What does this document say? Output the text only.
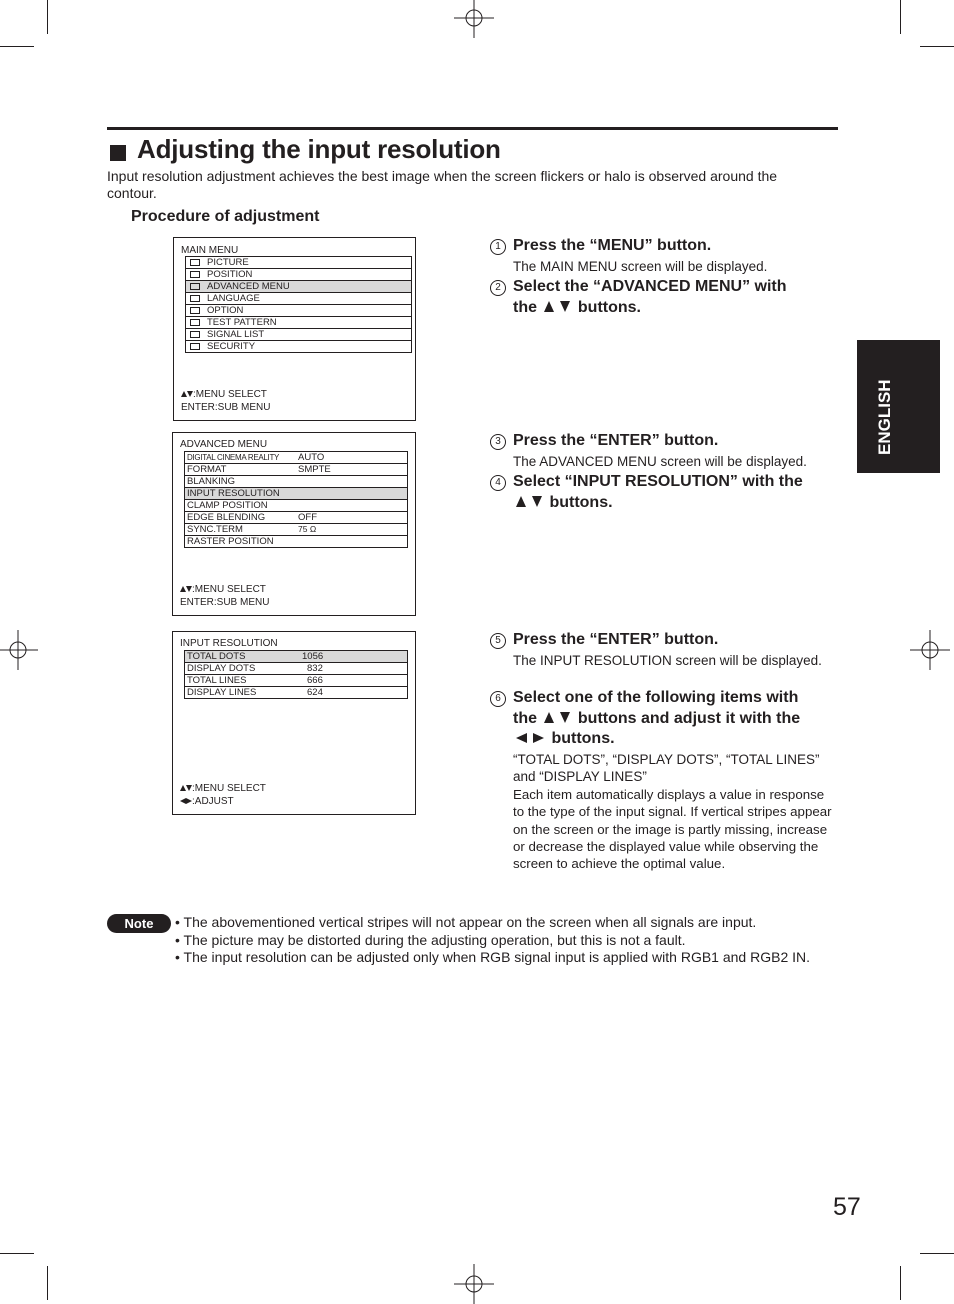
Adjusting the input resolution
Input resolution adjustment achieves the best image when the screen flickers or halo is observed around the contour.
Procedure of adjustment
MAIN MENU
PICTURE
POSITION
ADVANCED MENU
LANGUAGE
OPTION
TEST PATTERN
SIGNAL LIST
SECURITY
:MENU SELECT
ENTER:SUB MENU
ADVANCED MENU
DIGITAL CINEMA REALITY AUTO
FORMAT	SMPTE
BLANKING
INPUT RESOLUTION
CLAMP POSITION
EDGE BLENDING	OFF
SYNC.TERM	75 Ω
RASTER POSITION
:MENU SELECT
ENTER:SUB MENU
INPUT RESOLUTION
TOTAL DOTS	1056
DISPLAY DOTS	832
TOTAL LINES	666
DISPLAY LINES	624
:MENU SELECT
:ADJUST
1 Press the “MENU” button.
The MAIN MENU screen will be displayed.
2 Select the “ADVANCED MENU” with
the	buttons.
3 Press the “ENTER” button.
The ADVANCED MENU screen will be displayed.
4 Select “INPUT RESOLUTION” with the
buttons.
5 Press the “ENTER” button.
The INPUT RESOLUTION screen will be displayed.
6 Select one of the following items with
the	buttons and adjust it with the
buttons.
“TOTAL DOTS”, “DISPLAY DOTS”, “TOTAL LINES” and “DISPLAY LINES”
Each item automatically displays a value in response to the type of the input signal. If vertical stripes appear on the screen or the image is partly missing, increase or decrease the displayed value while observing the screen to achieve the optimal value.
ENGLISH
Note	• The abovementioned vertical stripes will not appear on the screen when all signals are input.
• The picture may be distorted during the adjusting operation, but this is not a fault.
• The input resolution can be adjusted only when RGB signal input is applied with RGB1 and RGB2 IN.
57
